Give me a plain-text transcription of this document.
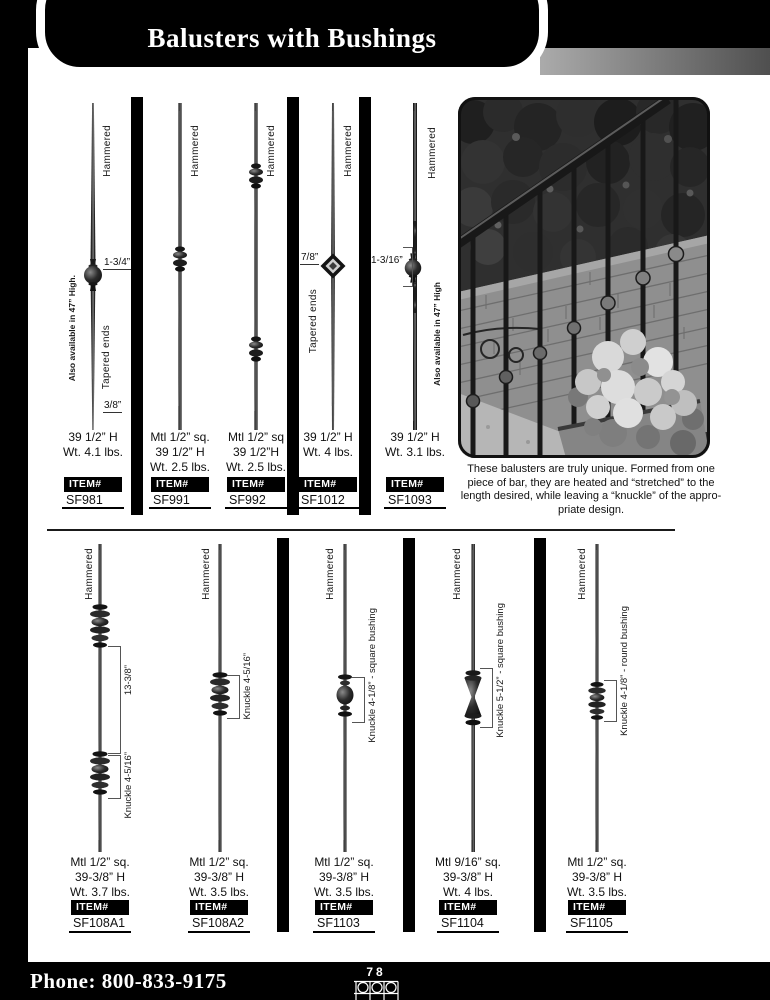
Balusters with Bushings
Hammered
1-3/4”
Also available in 47” High. Tapered ends
3/8”
39 1/2” H
Wt. 4.1 lbs.
ITEM#
SF981
Hammered
Mtl 1/2” sq.
39 1/2” H
Wt. 2.5 lbs.
ITEM#
SF991
Hammered
Mtl 1/2” sq
39 1/2”H
Wt. 2.5 lbs.
ITEM#
SF992
Hammered
7/8”
Tapered ends
39 1/2” H
Wt. 4 lbs.
ITEM#
SF1012
Hammered
1-3/16”
Also available in 47” High
39 1/2” H
Wt. 3.1 lbs.
ITEM#
SF1093
These balusters are truly unique. Formed from one
piece of bar, they are heated and “stretched” to the
length desired, while leaving a “knuckle” of the appro-
priate design.
Hammered
13-3/8”
Knuckle 4-5/16”
Mtl 1/2” sq.
39-3/8” H
Wt. 3.7 lbs.
ITEM#
SF108A1
Hammered
Knuckle 4-5/16”
Mtl 1/2” sq.
39-3/8” H
Wt. 3.5 lbs.
ITEM#
SF108A2
Hammered
Knuckle 4-1/8” - square bushing
Mtl 1/2” sq.
39-3/8” H
Wt. 3.5 lbs.
ITEM#
SF1103
Hammered
Knuckle 5-1/2” - square bushing
Mtl 9/16” sq.
39-3/8” H
Wt. 4 lbs.
ITEM#
SF1104
Hammered
Knuckle 4-1/8” - round bushing
Mtl 1/2” sq.
39-3/8” H
Wt. 3.5 lbs.
ITEM#
SF1105
Phone: 800-833-9175	78
